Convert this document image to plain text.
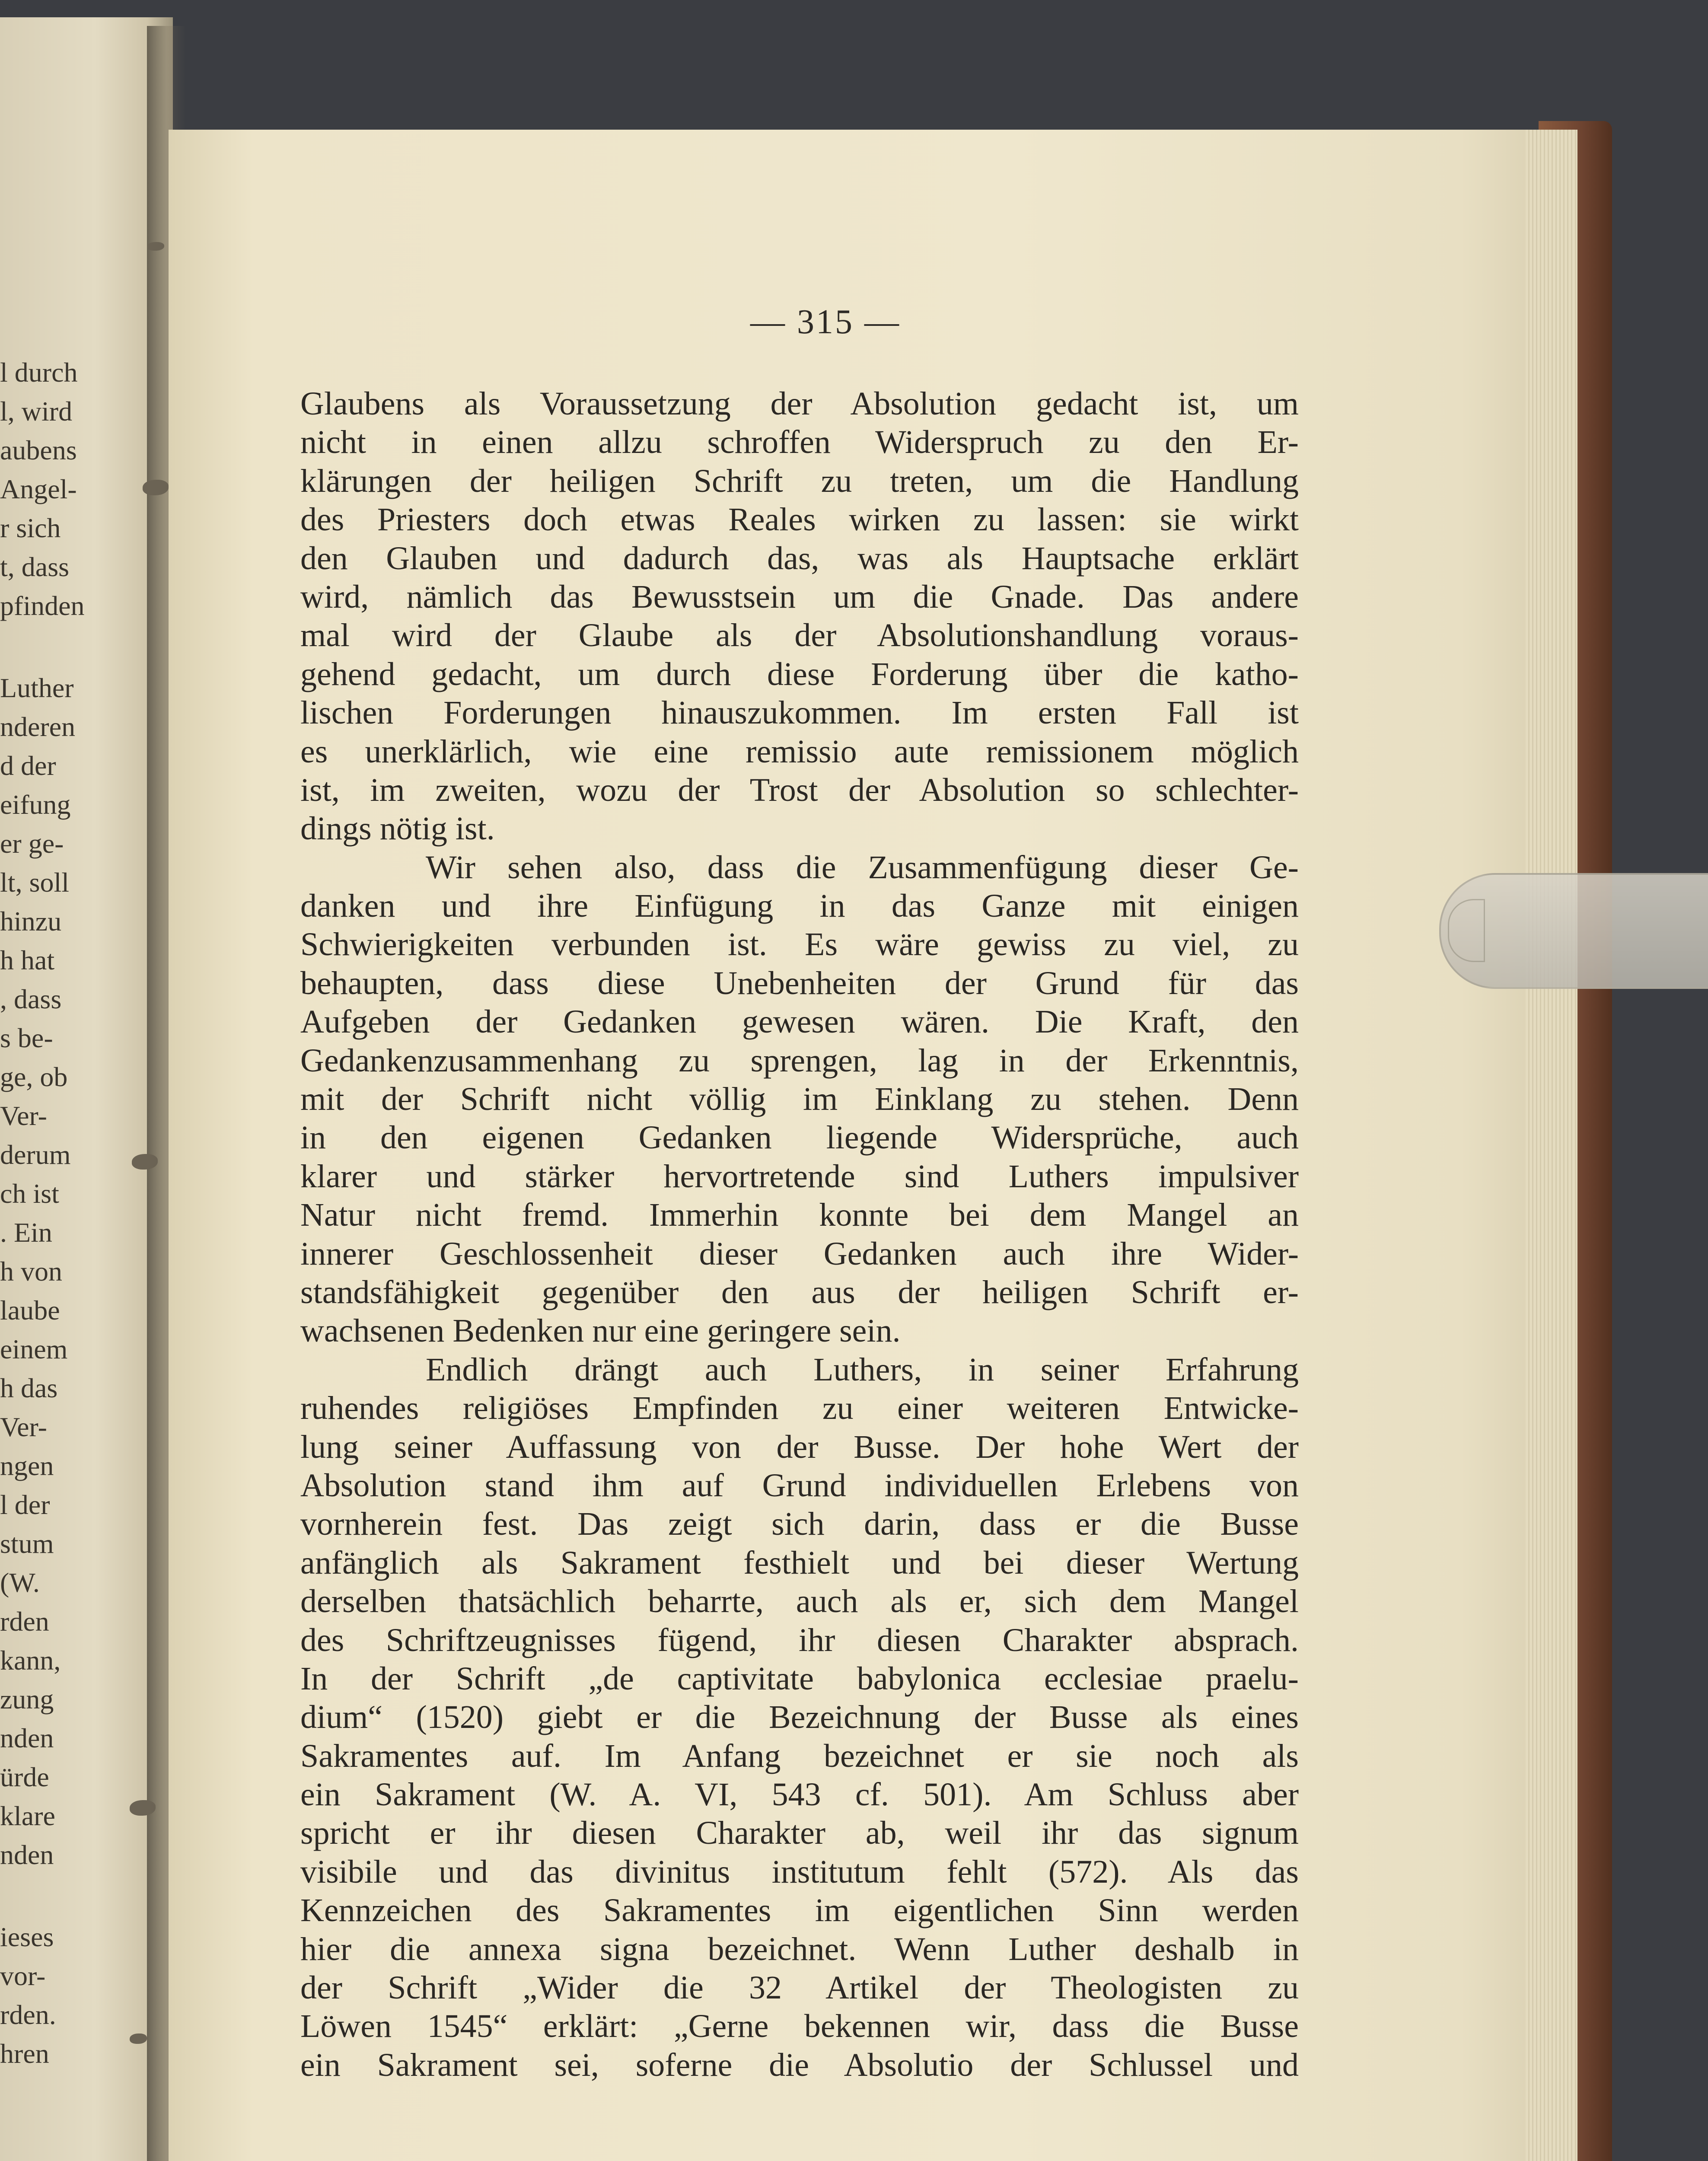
l durch
l, wird
aubens
Angel-
r sich
t, dass
pfinden
Luther
nderen
d der
eifung
er ge-
lt, soll
hinzu
h hat
, dass
s be-
ge, ob
Ver-
derum
ch ist
. Ein
h von
laube
einem
h das
Ver-
ngen
l der
stum
(W.
rden
kann,
zung
nden
ürde
klare
nden
ieses
vor-
rden.
hren
— 315 —
Glaubens als Voraussetzung der Absolution gedacht ist, um
nicht in einen allzu schroffen Widerspruch zu den Er-
klärungen der heiligen Schrift zu treten, um die Handlung
des Priesters doch etwas Reales wirken zu lassen: sie wirkt
den Glauben und dadurch das, was als Hauptsache erklärt
wird, nämlich das Bewusstsein um die Gnade. Das andere
mal wird der Glaube als der Absolutionshandlung voraus-
gehend gedacht, um durch diese Forderung über die katho-
lischen Forderungen hinauszukommen. Im ersten Fall ist
es unerklärlich, wie eine remissio aute remissionem möglich
ist, im zweiten, wozu der Trost der Absolution so schlechter-
dings nötig ist.
Wir sehen also, dass die Zusammenfügung dieser Ge-
danken und ihre Einfügung in das Ganze mit einigen
Schwierigkeiten verbunden ist. Es wäre gewiss zu viel, zu
behaupten, dass diese Unebenheiten der Grund für das
Aufgeben der Gedanken gewesen wären. Die Kraft, den
Gedankenzusammenhang zu sprengen, lag in der Erkenntnis,
mit der Schrift nicht völlig im Einklang zu stehen. Denn
in den eigenen Gedanken liegende Widersprüche, auch
klarer und stärker hervortretende sind Luthers impulsiver
Natur nicht fremd. Immerhin konnte bei dem Mangel an
innerer Geschlossenheit dieser Gedanken auch ihre Wider-
standsfähigkeit gegenüber den aus der heiligen Schrift er-
wachsenen Bedenken nur eine geringere sein.
Endlich drängt auch Luthers, in seiner Erfahrung
ruhendes religiöses Empfinden zu einer weiteren Entwicke-
lung seiner Auffassung von der Busse. Der hohe Wert der
Absolution stand ihm auf Grund individuellen Erlebens von
vornherein fest. Das zeigt sich darin, dass er die Busse
anfänglich als Sakrament festhielt und bei dieser Wertung
derselben thatsächlich beharrte, auch als er, sich dem Mangel
des Schriftzeugnisses fügend, ihr diesen Charakter absprach.
In der Schrift „de captivitate babylonica ecclesiae praelu-
dium“ (1520) giebt er die Bezeichnung der Busse als eines
Sakramentes auf. Im Anfang bezeichnet er sie noch als
ein Sakrament (W. A. VI, 543 cf. 501). Am Schluss aber
spricht er ihr diesen Charakter ab, weil ihr das signum
visibile und das divinitus institutum fehlt (572). Als das
Kennzeichen des Sakramentes im eigentlichen Sinn werden
hier die annexa signa bezeichnet. Wenn Luther deshalb in
der Schrift „Wider die 32 Artikel der Theologisten zu
Löwen 1545“ erklärt: „Gerne bekennen wir, dass die Busse
ein Sakrament sei, soferne die Absolutio der Schlussel und
